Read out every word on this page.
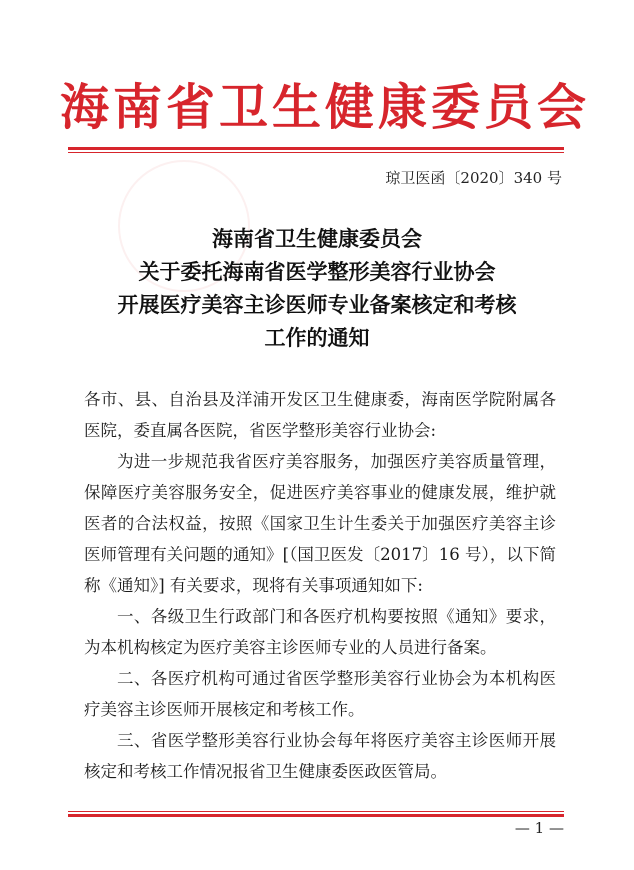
海南省卫生健康委员会
琼卫医函〔2020〕340 号
海南省卫生健康委员会
关于委托海南省医学整形美容行业协会
开展医疗美容主诊医师专业备案核定和考核
工作的通知

各市、县、自治县及洋浦开发区卫生健康委，海南医学院附属各医院，委直属各医院，省医学整形美容行业协会:

为进一步规范我省医疗美容服务，加强医疗美容质量管理，保障医疗美容服务安全，促进医疗美容事业的健康发展，维护就医者的合法权益，按照《国家卫生计生委关于加强医疗美容主诊医师管理有关问题的通知》[（国卫医发〔2017〕16 号），以下简称《通知》] 有关要求，现将有关事项通知如下:

一、各级卫生行政部门和各医疗机构要按照《通知》要求，为本机构核定为医疗美容主诊医师专业的人员进行备案。

二、各医疗机构可通过省医学整形美容行业协会为本机构医疗美容主诊医师开展核定和考核工作。

三、省医学整形美容行业协会每年将医疗美容主诊医师开展核定和考核工作情况报省卫生健康委医政医管局。

— 1 —
